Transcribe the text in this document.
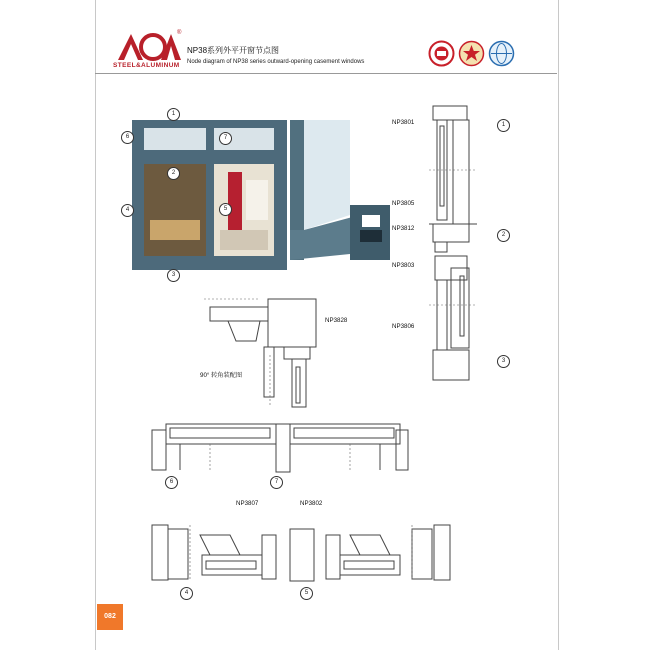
®
STEEL&ALUMINUM
NP38系列外平开窗节点图
Node diagram of NP38 series outward-opening casement windows
1
2
3
4	5
6	7
NP3801
NP3805
NP3812
NP3803
NP3806
1
2
3
NP3828
90° 转角装配图
6	7
NP3807	NP3802
4	5
082
